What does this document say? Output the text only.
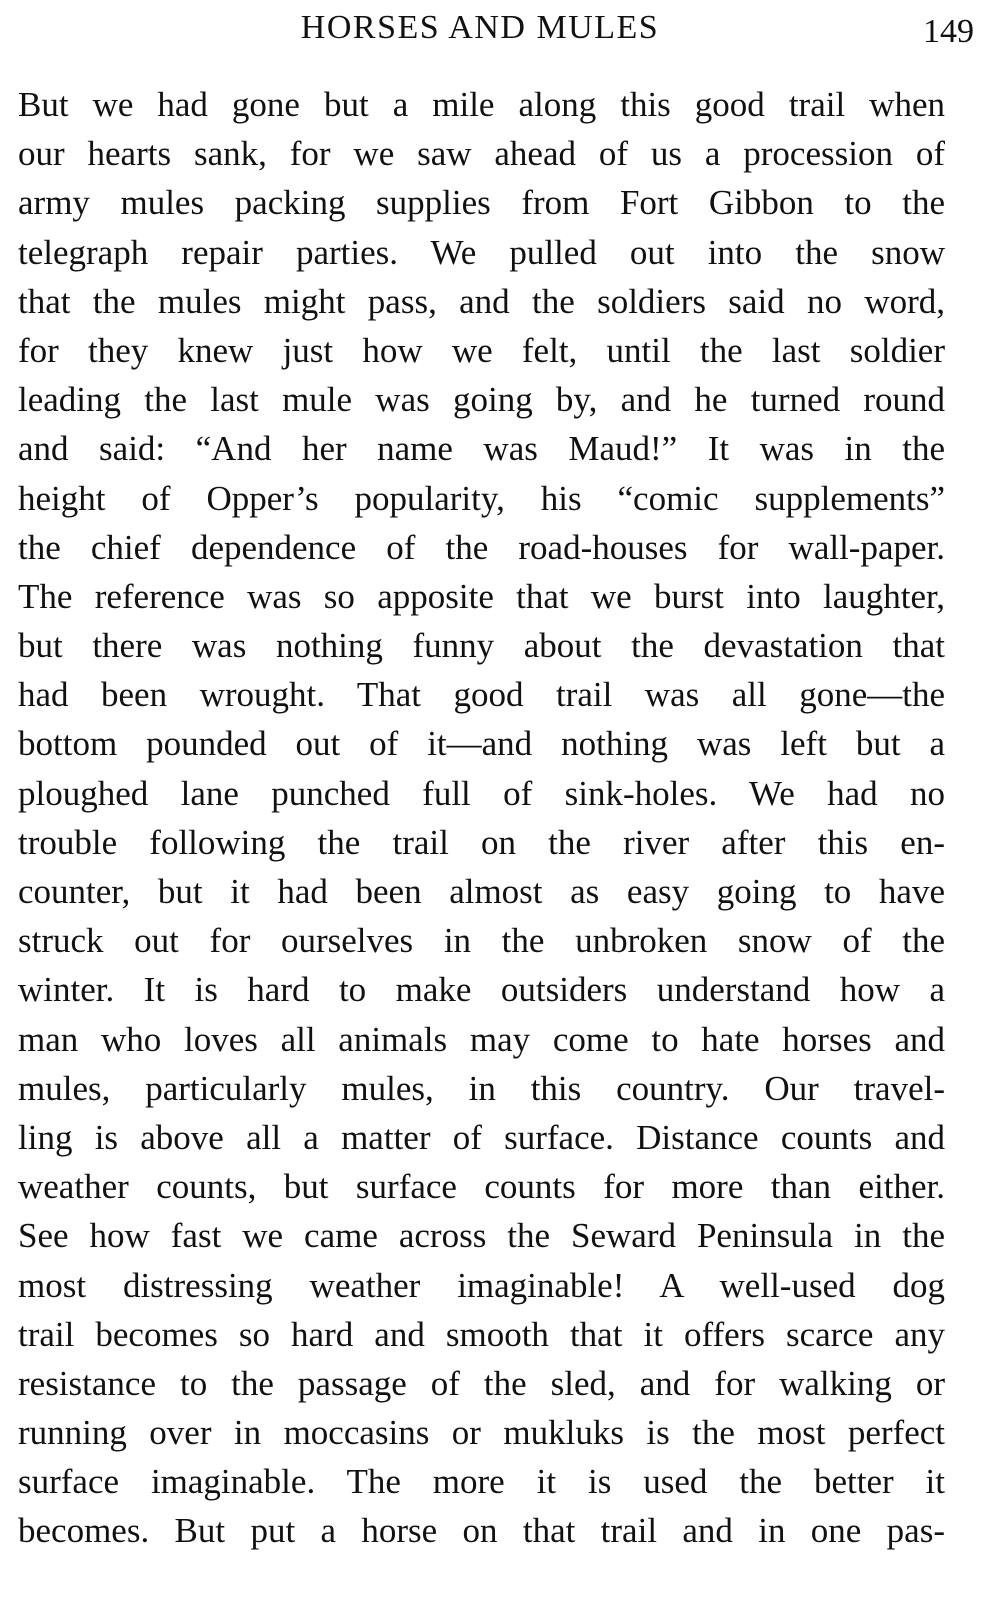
HORSES AND MULES	149
But we had gone but a mile along this good trail when
our hearts sank, for we saw ahead of us a procession of
army mules packing supplies from Fort Gibbon to the
telegraph repair parties. We pulled out into the snow
that the mules might pass, and the soldiers said no word,
for they knew just how we felt, until the last soldier
leading the last mule was going by, and he turned round
and said: “And her name was Maud!” It was in the
height of Opper’s popularity, his “comic supplements”
the chief dependence of the road-houses for wall-paper.
The reference was so apposite that we burst into laughter,
but there was nothing funny about the devastation that
had been wrought. That good trail was all gone—the
bottom pounded out of it—and nothing was left but a
ploughed lane punched full of sink-holes. We had no
trouble following the trail on the river after this en-
counter, but it had been almost as easy going to have
struck out for ourselves in the unbroken snow of the
winter. It is hard to make outsiders understand how a
man who loves all animals may come to hate horses and
mules, particularly mules, in this country. Our travel-
ling is above all a matter of surface. Distance counts and
weather counts, but surface counts for more than either.
See how fast we came across the Seward Peninsula in the
most distressing weather imaginable! A well-used dog
trail becomes so hard and smooth that it offers scarce any
resistance to the passage of the sled, and for walking or
running over in moccasins or mukluks is the most perfect
surface imaginable. The more it is used the better it
becomes. But put a horse on that trail and in one pas-
